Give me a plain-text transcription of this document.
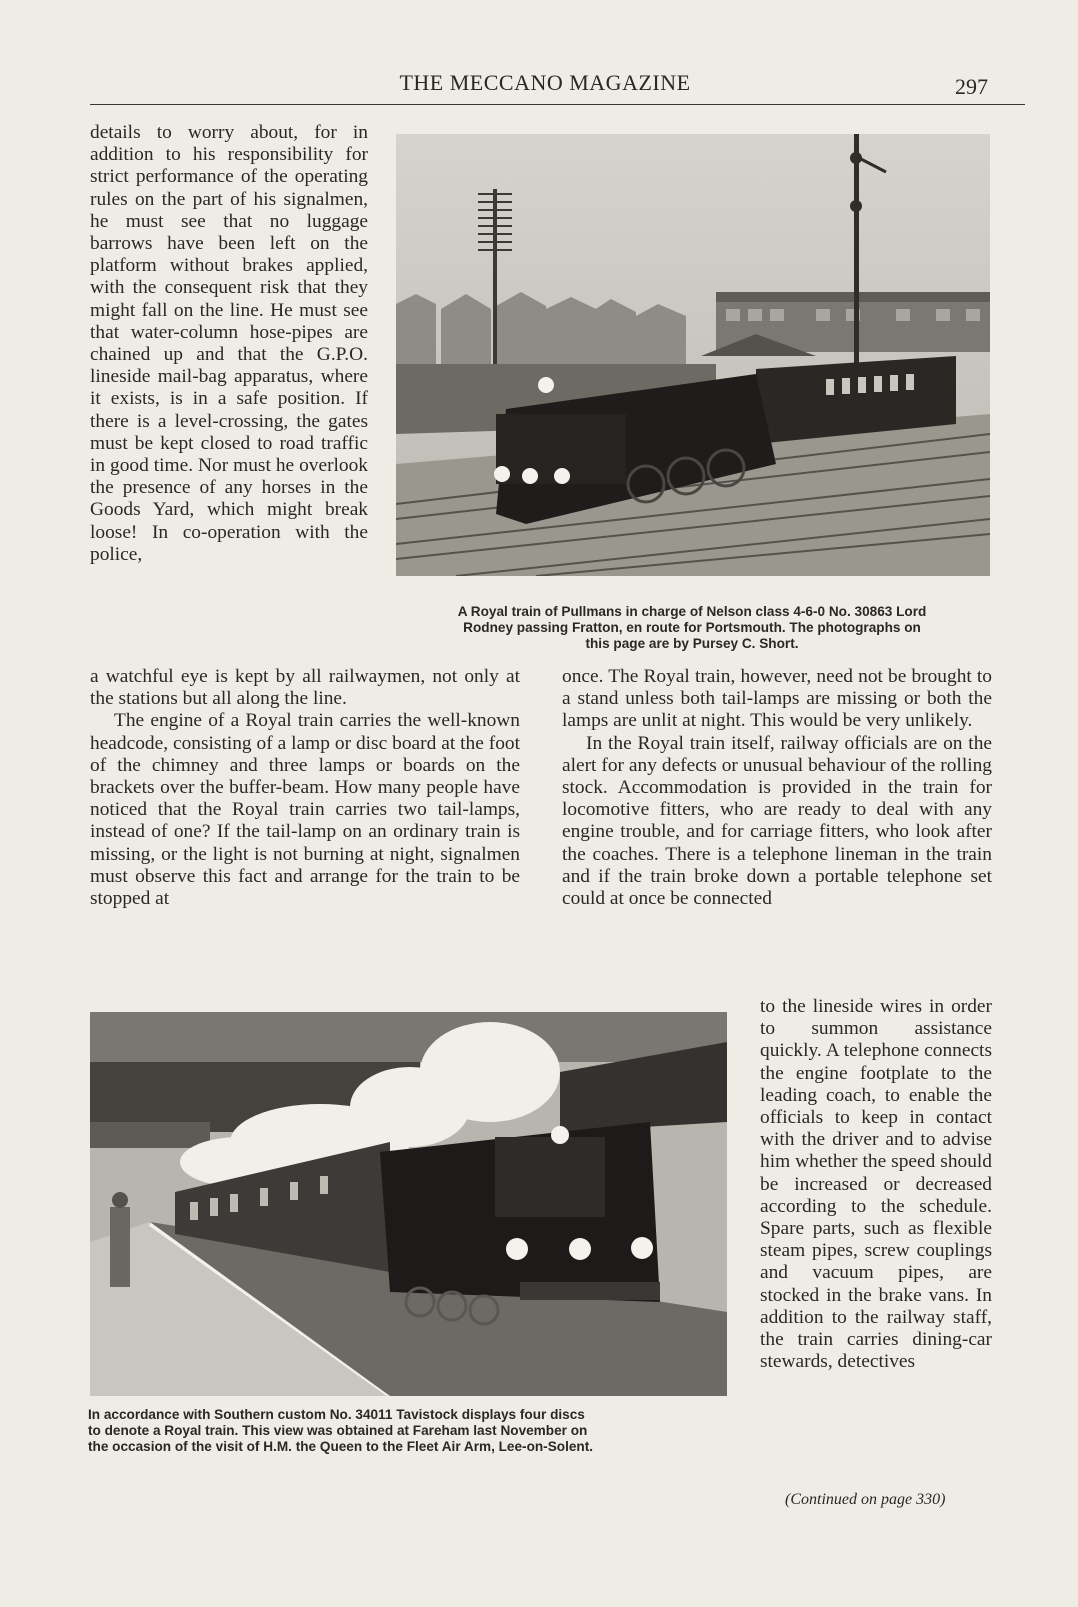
THE MECCANO MAGAZINE	297
A Royal train of Pullmans in charge of Nelson class 4-6-0 No. 30863 Lord
Rodney passing Fratton, en route for Portsmouth. The photographs on
this page are by Pursey C. Short.

details to worry about, for in addition to his responsibility for strict performance of the operating rules on the part of his signalmen, he must see that no luggage barrows have been left on the platform without brakes applied, with the consequent risk that they might fall on the line. He must see that water-column hose-pipes are chained up and that the G.P.O. lineside mail-bag apparatus, where it exists, is in a safe position. If there is a level-crossing, the gates must be kept closed to road traffic in good time. Nor must he overlook the presence of any horses in the Goods Yard, which might break loose! In co-operation with the police,

a watchful eye is kept by all railwaymen, not only at the stations but all along the line.

The engine of a Royal train carries the well-known headcode, consisting of a lamp or disc board at the foot of the chimney and three lamps or boards on the brackets over the buffer-beam. How many people have noticed that the Royal train carries two tail-lamps, instead of one? If the tail-lamp on an ordinary train is missing, or the light is not burning at night, signalmen must observe this fact and arrange for the train to be stopped at

once. The Royal train, however, need not be brought to a stand unless both tail-lamps are missing or both the lamps are unlit at night. This would be very unlikely.

In the Royal train itself, railway officials are on the alert for any defects or unusual behaviour of the rolling stock. Accommodation is provided in the train for locomotive fitters, who are ready to deal with any engine trouble, and for carriage fitters, who look after the coaches. There is a telephone lineman in the train and if the train broke down a portable telephone set could at once be connected

to the lineside wires in order to summon assistance quickly. A telephone connects the engine footplate to the leading coach, to enable the officials to keep in contact with the driver and to advise him whether the speed should be increased or decreased according to the schedule. Spare parts, such as flexible steam pipes, screw couplings and vacuum pipes, are stocked in the brake vans. In addition to the railway staff, the train carries dining-car stewards, detectives

In accordance with Southern custom No. 34011 Tavistock displays four discs
to denote a Royal train. This view was obtained at Fareham last November on
the occasion of the visit of H.M. the Queen to the Fleet Air Arm, Lee-on-Solent.
(Continued on page 330)
